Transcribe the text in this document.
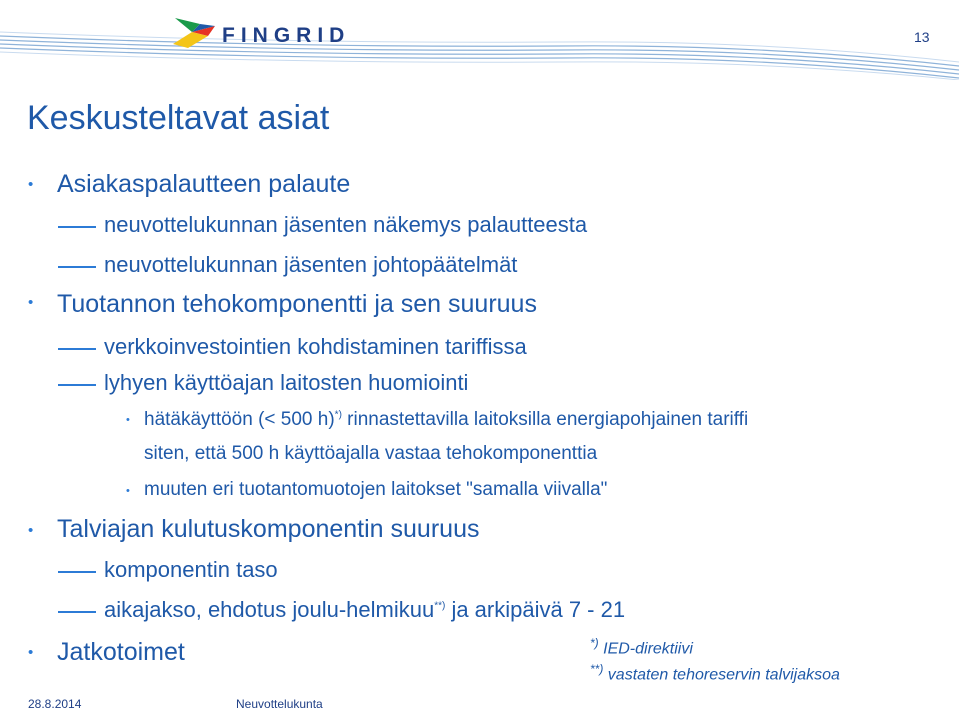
FINGRID	13
Keskusteltavat asiat
• Asiakaspalautteen palaute
neuvottelukunnan jäsenten näkemys palautteesta
neuvottelukunnan jäsenten johtopäätelmät
• Tuotannon tehokomponentti ja sen suuruus
verkkoinvestointien kohdistaminen tariffissa
lyhyen käyttöajan laitosten huomiointi
• hätäkäyttöön (< 500 h)*) rinnastettavilla laitoksilla energiapohjainen tariffi
siten, että 500 h käyttöajalla vastaa tehokomponenttia
• muuten eri tuotantomuotojen laitokset "samalla viivalla"
• Talviajan kulutuskomponentin suuruus
komponentin taso
aikajakso, ehdotus joulu-helmikuu**) ja arkipäivä 7 - 21
• Jatkotoimet	*) IED-direktiivi
**) vastaten tehoreservin talvijaksoa
28.8.2014	Neuvottelukunta
